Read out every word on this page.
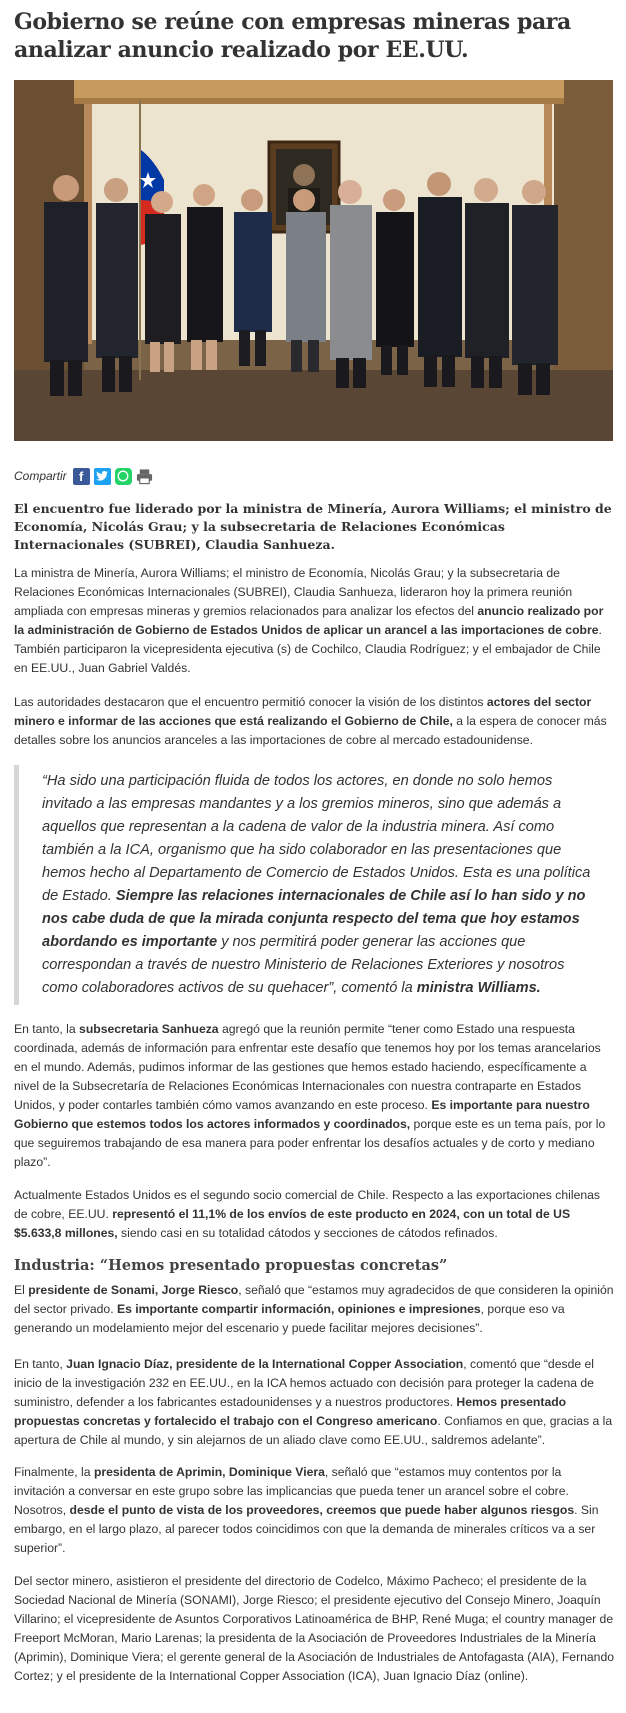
Gobierno se reúne con empresas mineras para analizar anuncio realizado por EE.UU.
Compartir f

El encuentro fue liderado por la ministra de Minería, Aurora Williams; el ministro de Economía, Nicolás Grau; y la subsecretaria de Relaciones Económicas Internacionales (SUBREI), Claudia Sanhueza.

La ministra de Minería, Aurora Williams; el ministro de Economía, Nicolás Grau; y la subsecretaria de Relaciones Económicas Internacionales (SUBREI), Claudia Sanhueza, lideraron hoy la primera reunión ampliada con empresas mineras y gremios relacionados para analizar los efectos del anuncio realizado por la administración de Gobierno de Estados Unidos de aplicar un arancel a las importaciones de cobre. También participaron la vicepresidenta ejecutiva (s) de Cochilco, Claudia Rodríguez; y el embajador de Chile en EE.UU., Juan Gabriel Valdés.

Las autoridades destacaron que el encuentro permitió conocer la visión de los distintos actores del sector minero e informar de las acciones que está realizando el Gobierno de Chile, a la espera de conocer más detalles sobre los anuncios aranceles a las importaciones de cobre al mercado estadounidense.

“Ha sido una participación fluida de todos los actores, en donde no solo hemos invitado a las empresas mandantes y a los gremios mineros, sino que además a aquellos que representan a la cadena de valor de la industria minera. Así como también a la ICA, organismo que ha sido colaborador en las presentaciones que hemos hecho al Departamento de Comercio de Estados Unidos. Esta es una política de Estado. Siempre las relaciones internacionales de Chile así lo han sido y no nos cabe duda de que la mirada conjunta respecto del tema que hoy estamos abordando es importante y nos permitirá poder generar las acciones que correspondan a través de nuestro Ministerio de Relaciones Exteriores y nosotros como colaboradores activos de su quehacer”, comentó la ministra Williams.

En tanto, la subsecretaria Sanhueza agregó que la reunión permite “tener como Estado una respuesta coordinada, además de información para enfrentar este desafío que tenemos hoy por los temas arancelarios en el mundo. Además, pudimos informar de las gestiones que hemos estado haciendo, específicamente a nivel de la Subsecretaría de Relaciones Económicas Internacionales con nuestra contraparte en Estados Unidos, y poder contarles también cómo vamos avanzando en este proceso. Es importante para nuestro Gobierno que estemos todos los actores informados y coordinados, porque este es un tema país, por lo que seguiremos trabajando de esa manera para poder enfrentar los desafíos actuales y de corto y mediano plazo”.

Actualmente Estados Unidos es el segundo socio comercial de Chile. Respecto a las exportaciones chilenas de cobre, EE.UU. representó el 11,1% de los envíos de este producto en 2024, con un total de US $5.633,8 millones, siendo casi en su totalidad cátodos y secciones de cátodos refinados.

Industria: “Hemos presentado propuestas concretas”

El presidente de Sonami, Jorge Riesco, señaló que “estamos muy agradecidos de que consideren la opinión del sector privado. Es importante compartir información, opiniones e impresiones, porque eso va generando un modelamiento mejor del escenario y puede facilitar mejores decisiones”.

En tanto, Juan Ignacio Díaz, presidente de la International Copper Association, comentó que “desde el inicio de la investigación 232 en EE.UU., en la ICA hemos actuado con decisión para proteger la cadena de suministro, defender a los fabricantes estadounidenses y a nuestros productores. Hemos presentado propuestas concretas y fortalecido el trabajo con el Congreso americano. Confiamos en que, gracias a la apertura de Chile al mundo, y sin alejarnos de un aliado clave como EE.UU., saldremos adelante”.

Finalmente, la presidenta de Aprimin, Dominique Viera, señaló que “estamos muy contentos por la invitación a conversar en este grupo sobre las implicancias que pueda tener un arancel sobre el cobre. Nosotros, desde el punto de vista de los proveedores, creemos que puede haber algunos riesgos. Sin embargo, en el largo plazo, al parecer todos coincidimos con que la demanda de minerales críticos va a ser superior”.

Del sector minero, asistieron el presidente del directorio de Codelco, Máximo Pacheco; el presidente de la Sociedad Nacional de Minería (SONAMI), Jorge Riesco; el presidente ejecutivo del Consejo Minero, Joaquín Villarino; el vicepresidente de Asuntos Corporativos Latinoamérica de BHP, René Muga; el country manager de Freeport McMoran, Mario Larenas; la presidenta de la Asociación de Proveedores Industriales de la Minería (Aprimin), Dominique Viera; el gerente general de la Asociación de Industriales de Antofagasta (AIA), Fernando Cortez; y el presidente de la International Copper Association (ICA), Juan Ignacio Díaz (online).
